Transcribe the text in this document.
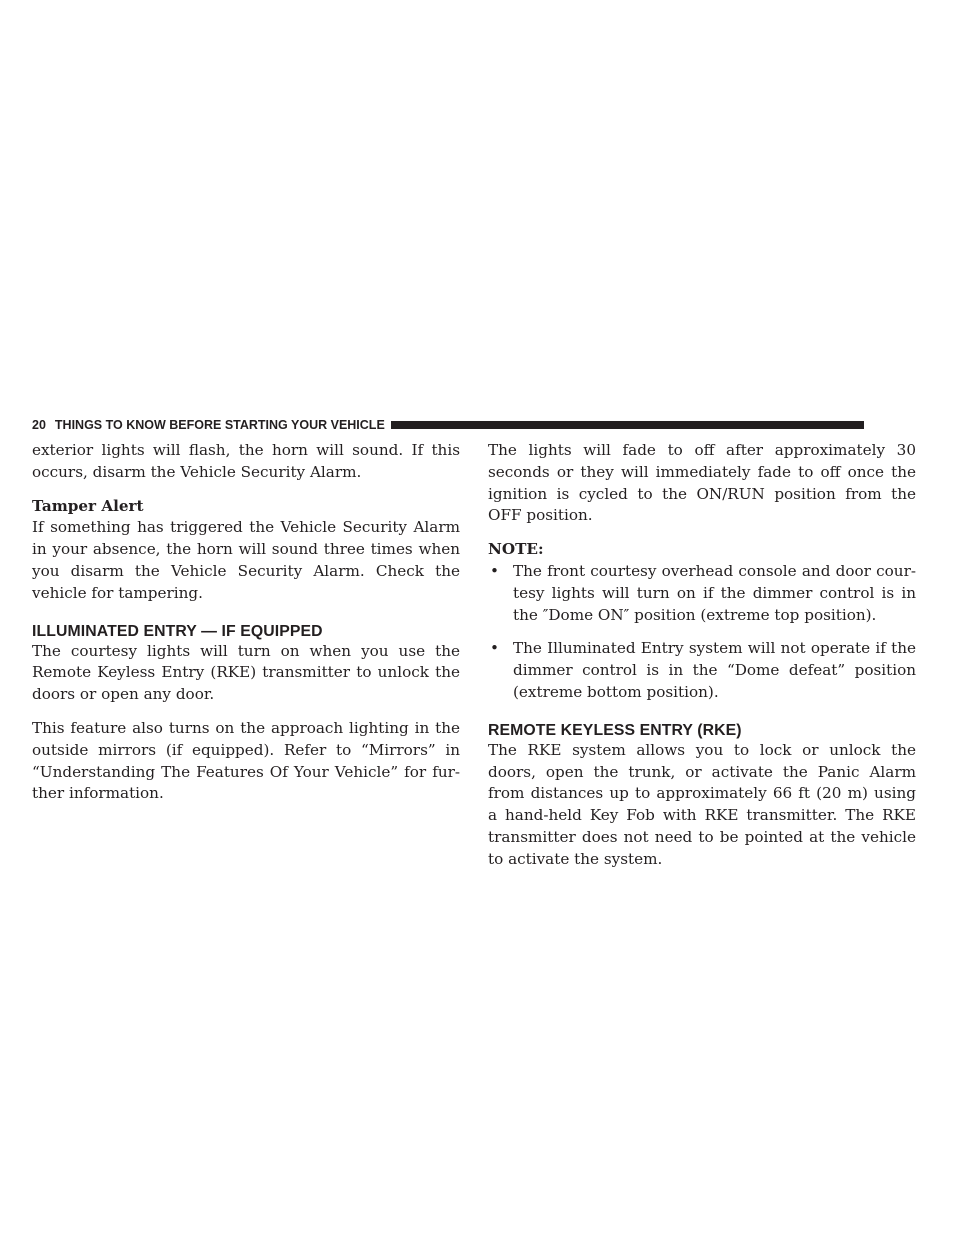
20 THINGS TO KNOW BEFORE STARTING YOUR VEHICLE

exterior lights will flash, the horn will sound. If this occurs, disarm the Vehicle Security Alarm.

Tamper Alert

If something has triggered the Vehicle Security Alarm in your absence, the horn will sound three times when you disarm the Vehicle Security Alarm. Check the vehicle for tampering.

ILLUMINATED ENTRY — IF EQUIPPED

The courtesy lights will turn on when you use the Remote Keyless Entry (RKE) transmitter to unlock the doors or open any door.

This feature also turns on the approach lighting in the outside mirrors (if equipped). Refer to “Mirrors” in “Understanding The Features Of Your Vehicle” for further information.

The lights will fade to off after approximately 30 seconds or they will immediately fade to off once the ignition is cycled to the ON/RUN position from the OFF position.

NOTE:
• The front courtesy overhead console and door courtesy lights will turn on if the dimmer control is in the ″Dome ON″ position (extreme top position).
• The Illuminated Entry system will not operate if the dimmer control is in the “Dome defeat” position (extreme bottom position).
REMOTE KEYLESS ENTRY (RKE)

The RKE system allows you to lock or unlock the doors, open the trunk, or activate the Panic Alarm from distances up to approximately 66 ft (20 m) using a hand-held Key Fob with RKE transmitter. The RKE transmitter does not need to be pointed at the vehicle to activate the system.
